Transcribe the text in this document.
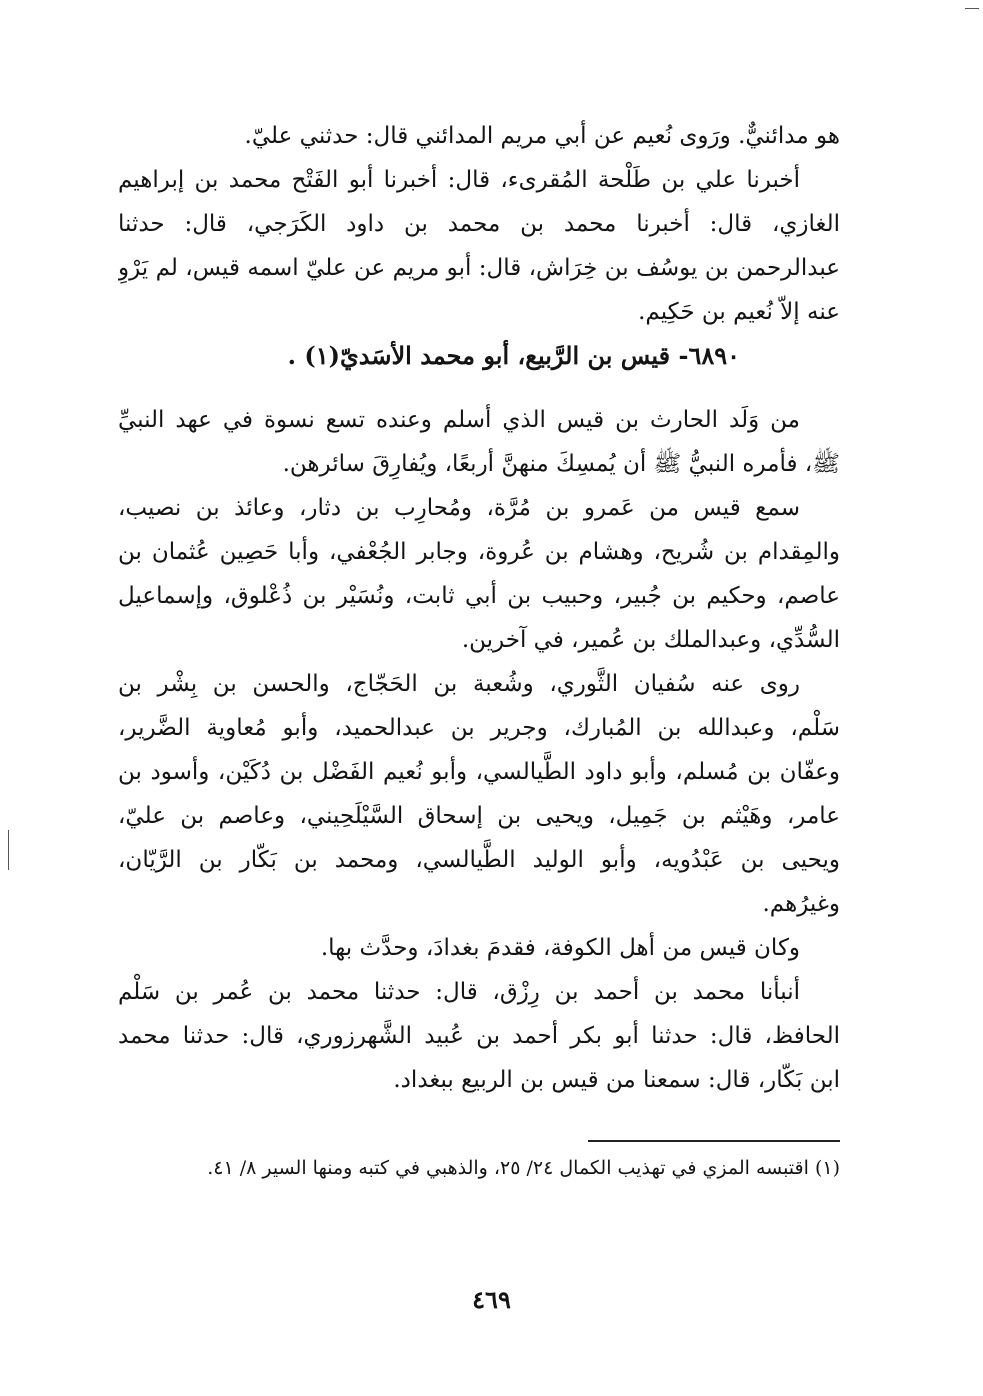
هو مدائنيٌّ. ورَوى نُعيم عن أبي مريم المدائني قال: حدثني عليّ.
أخبرنا علي بن طَلْحة المُقرىء، قال: أخبرنا أبو الفَتْح محمد بن إبراهيم
الغازي، قال: أخبرنا محمد بن محمد بن داود الكَرَجي، قال: حدثنا
عبدالرحمن بن يوسُف بن خِرَاش، قال: أبو مريم عن عليّ اسمه قيس، لم يَرْوِ
عنه إلاّ نُعيم بن حَكِيم.
٦٨٩٠- قيس بن الرَّبيع، أبو محمد الأسَديّ(١) .
من وَلَد الحارث بن قيس الذي أسلم وعنده تسع نسوة في عهد النبيِّ
ﷺ، فأمره النبيُّ ﷺ أن يُمسِكَ منهنَّ أربعًا، ويُفارِقَ سائرهن.
سمع قيس من عَمرو بن مُرَّة، ومُحارِب بن دثار، وعائذ بن نصيب،
والمِقدام بن شُريح، وهشام بن عُروة، وجابر الجُعْفي، وأبا حَصِين عُثمان بن
عاصم، وحكيم بن جُبير، وحبيب بن أبي ثابت، ونُسَيْر بن ذُعْلوق، وإسماعيل
السُّدِّي، وعبدالملك بن عُمير، في آخرين.
روى عنه سُفيان الثَّوري، وشُعبة بن الحَجّاج، والحسن بن بِشْر بن
سَلْم، وعبدالله بن المُبارك، وجرير بن عبدالحميد، وأبو مُعاوية الضَّرير،
وعفّان بن مُسلم، وأبو داود الطَّيالسي، وأبو نُعيم الفَضْل بن دُكَيْن، وأسود بن
عامر، وهَيْثم بن جَمِيل، ويحيى بن إسحاق السَّيْلَحِيني، وعاصم بن عليّ،
ويحيى بن عَبْدُويه، وأبو الوليد الطَّيالسي، ومحمد بن بَكّار بن الرَّيّان،
وغيرُهم.
وكان قيس من أهل الكوفة، فقدمَ بغدادَ، وحدَّث بها.
أنبأنا محمد بن أحمد بن رِزْق، قال: حدثنا محمد بن عُمر بن سَلْم
الحافظ، قال: حدثنا أبو بكر أحمد بن عُبيد الشَّهرزوري، قال: حدثنا محمد
ابن بَكّار، قال: سمعنا من قيس بن الربيع ببغداد.
(١) اقتبسه المزي في تهذيب الكمال ٢٤/ ٢٥، والذهبي في كتبه ومنها السير ٨/ ٤١.
٤٦٩
